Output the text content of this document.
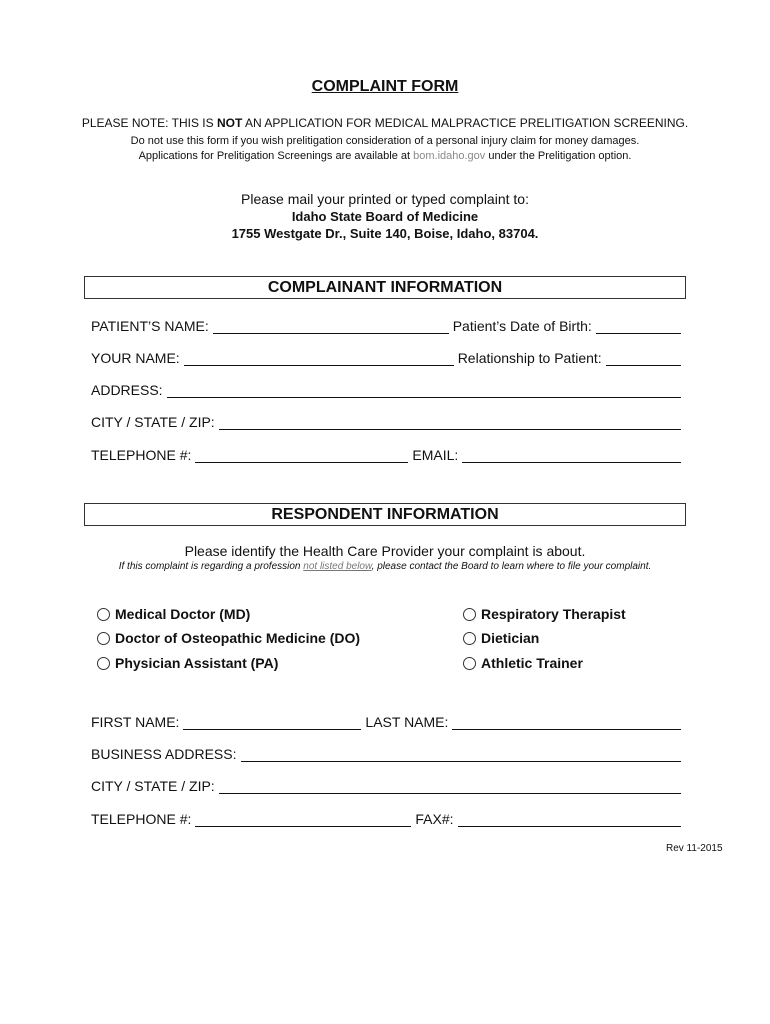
COMPLAINT FORM
PLEASE NOTE: THIS IS NOT AN APPLICATION FOR MEDICAL MALPRACTICE PRELITIGATION SCREENING.
Do not use this form if you wish prelitigation consideration of a personal injury claim for money damages.
Applications for Prelitigation Screenings are available at bom.idaho.gov under the Prelitigation option.
Please mail your printed or typed complaint to:
Idaho State Board of Medicine
1755 Westgate Dr., Suite 140, Boise, Idaho, 83704.
COMPLAINANT INFORMATION
PATIENT’S NAME:	Patient’s Date of Birth:
YOUR NAME:	Relationship to Patient:
ADDRESS:
CITY / STATE / ZIP:
TELEPHONE #:	EMAIL:
RESPONDENT INFORMATION
Please identify the Health Care Provider your complaint is about.
If this complaint is regarding a profession not listed below, please contact the Board to learn where to file your complaint.
Medical Doctor (MD)
Doctor of Osteopathic Medicine (DO)
Physician Assistant (PA)
Respiratory Therapist
Dietician
Athletic Trainer
FIRST NAME:	LAST NAME:
BUSINESS ADDRESS:
CITY / STATE / ZIP:
TELEPHONE #:	FAX#:
Rev 11-2015
